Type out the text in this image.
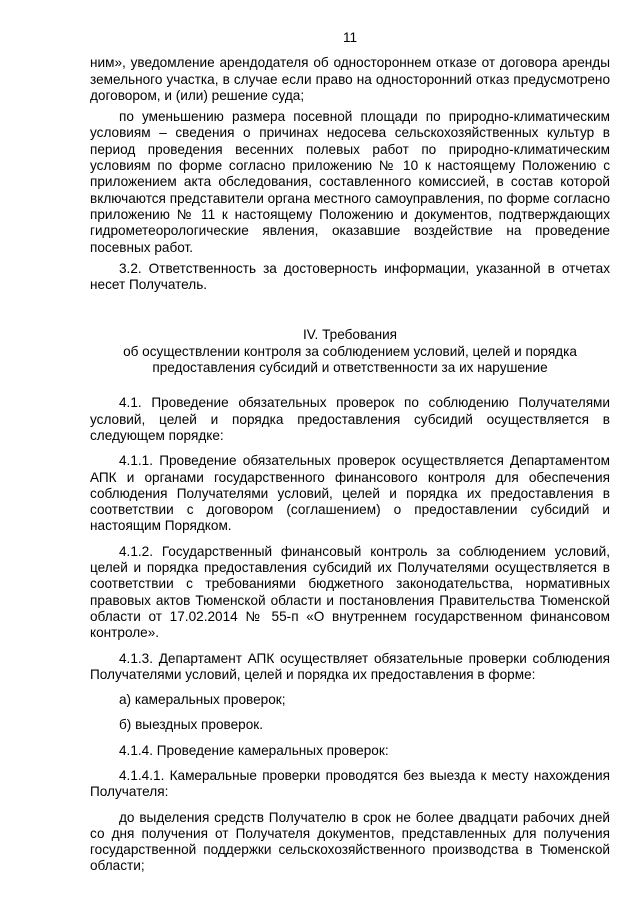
11

ним», уведомление арендодателя об одностороннем отказе от договора аренды земельного участка, в случае если право на односторонний отказ предусмотрено договором, и (или) решение суда;

по уменьшению размера посевной площади по природно-климатическим условиям – сведения о причинах недосева сельскохозяйственных культур в период проведения весенних полевых работ по природно-климатическим условиям по форме согласно приложению № 10 к настоящему Положению с приложением акта обследования, составленного комиссией, в состав которой включаются представители органа местного самоуправления, по форме согласно приложению № 11 к настоящему Положению и документов, подтверждающих гидрометеорологические явления, оказавшие воздействие на проведение посевных работ.

3.2. Ответственность за достоверность информации, указанной в отчетах несет Получатель.

IV. Требования
об осуществлении контроля за соблюдением условий, целей и порядка
предоставления субсидий и ответственности за их нарушение

4.1. Проведение обязательных проверок по соблюдению Получателями условий, целей и порядка предоставления субсидий осуществляется в следующем порядке:

4.1.1. Проведение обязательных проверок осуществляется Департаментом АПК и органами государственного финансового контроля для обеспечения соблюдения Получателями условий, целей и порядка их предоставления в соответствии с договором (соглашением) о предоставлении субсидий и настоящим Порядком.

4.1.2. Государственный финансовый контроль за соблюдением условий, целей и порядка предоставления субсидий их Получателями осуществляется в соответствии с требованиями бюджетного законодательства, нормативных правовых актов Тюменской области и постановления Правительства Тюменской области от 17.02.2014 № 55-п «О внутреннем государственном финансовом контроле».

4.1.3. Департамент АПК осуществляет обязательные проверки соблюдения Получателями условий, целей и порядка их предоставления в форме:

а) камеральных проверок;

б) выездных проверок.

4.1.4. Проведение камеральных проверок:

4.1.4.1. Камеральные проверки проводятся без выезда к месту нахождения Получателя:

до выделения средств Получателю в срок не более двадцати рабочих дней со дня получения от Получателя документов, представленных для получения государственной поддержки сельскохозяйственного производства в Тюменской области;
